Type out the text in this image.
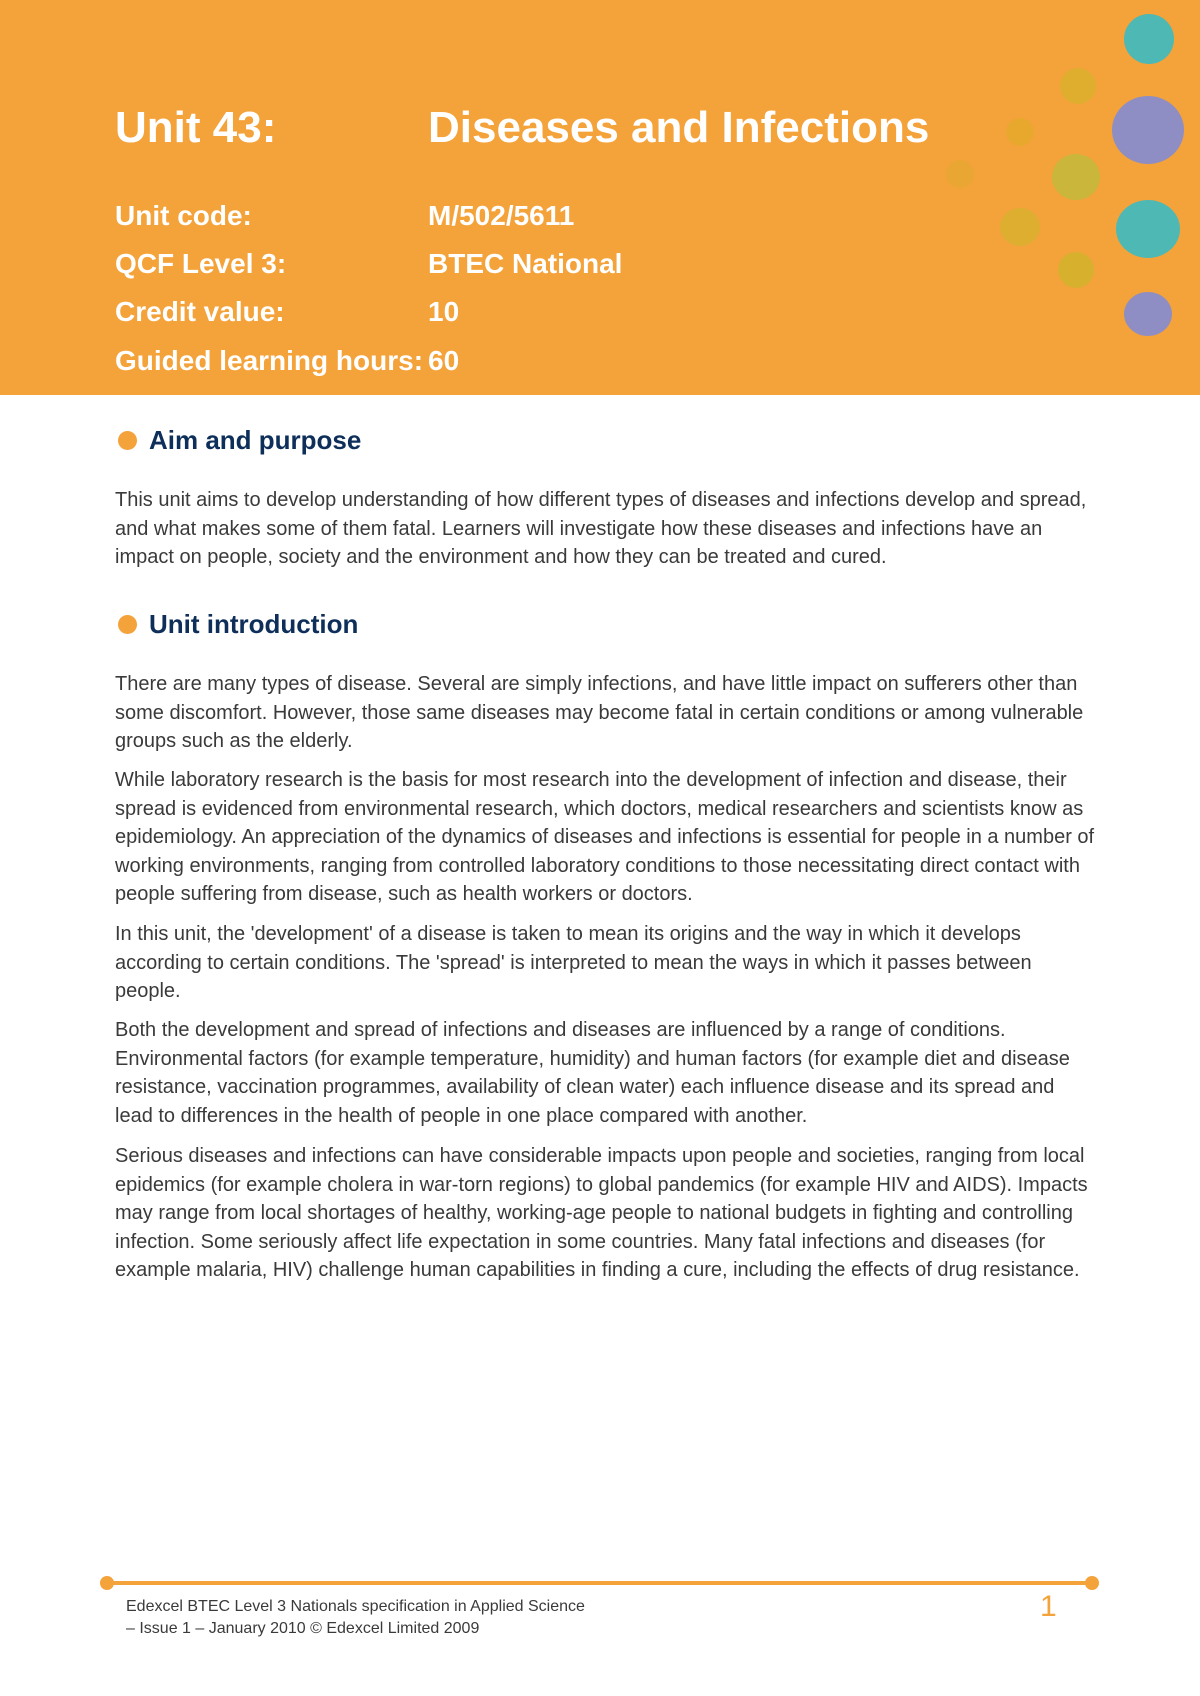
Unit 43:	Diseases and Infections
Unit code:	M/502/5611
QCF Level 3:	BTEC National
Credit value:	10
Guided learning hours: 60
Aim and purpose

This unit aims to develop understanding of how different types of diseases and infections develop and spread, and what makes some of them fatal. Learners will investigate how these diseases and infections have an impact on people, society and the environment and how they can be treated and cured.

Unit introduction

There are many types of disease. Several are simply infections, and have little impact on sufferers other than some discomfort. However, those same diseases may become fatal in certain conditions or among vulnerable groups such as the elderly.

While laboratory research is the basis for most research into the development of infection and disease, their spread is evidenced from environmental research, which doctors, medical researchers and scientists know as epidemiology. An appreciation of the dynamics of diseases and infections is essential for people in a number of working environments, ranging from controlled laboratory conditions to those necessitating direct contact with people suffering from disease, such as health workers or doctors.

In this unit, the 'development' of a disease is taken to mean its origins and the way in which it develops according to certain conditions. The 'spread' is interpreted to mean the ways in which it passes between people.

Both the development and spread of infections and diseases are influenced by a range of conditions. Environmental factors (for example temperature, humidity) and human factors (for example diet and disease resistance, vaccination programmes, availability of clean water) each influence disease and its spread and lead to differences in the health of people in one place compared with another.

Serious diseases and infections can have considerable impacts upon people and societies, ranging from local epidemics (for example cholera in war-torn regions) to global pandemics (for example HIV and AIDS). Impacts may range from local shortages of healthy, working-age people to national budgets in fighting and controlling infection. Some seriously affect life expectation in some countries. Many fatal infections and diseases (for example malaria, HIV) challenge human capabilities in finding a cure, including the effects of drug resistance.

Edexcel BTEC Level 3 Nationals specification in Applied Science
– Issue 1 – January 2010 © Edexcel Limited 2009
1
